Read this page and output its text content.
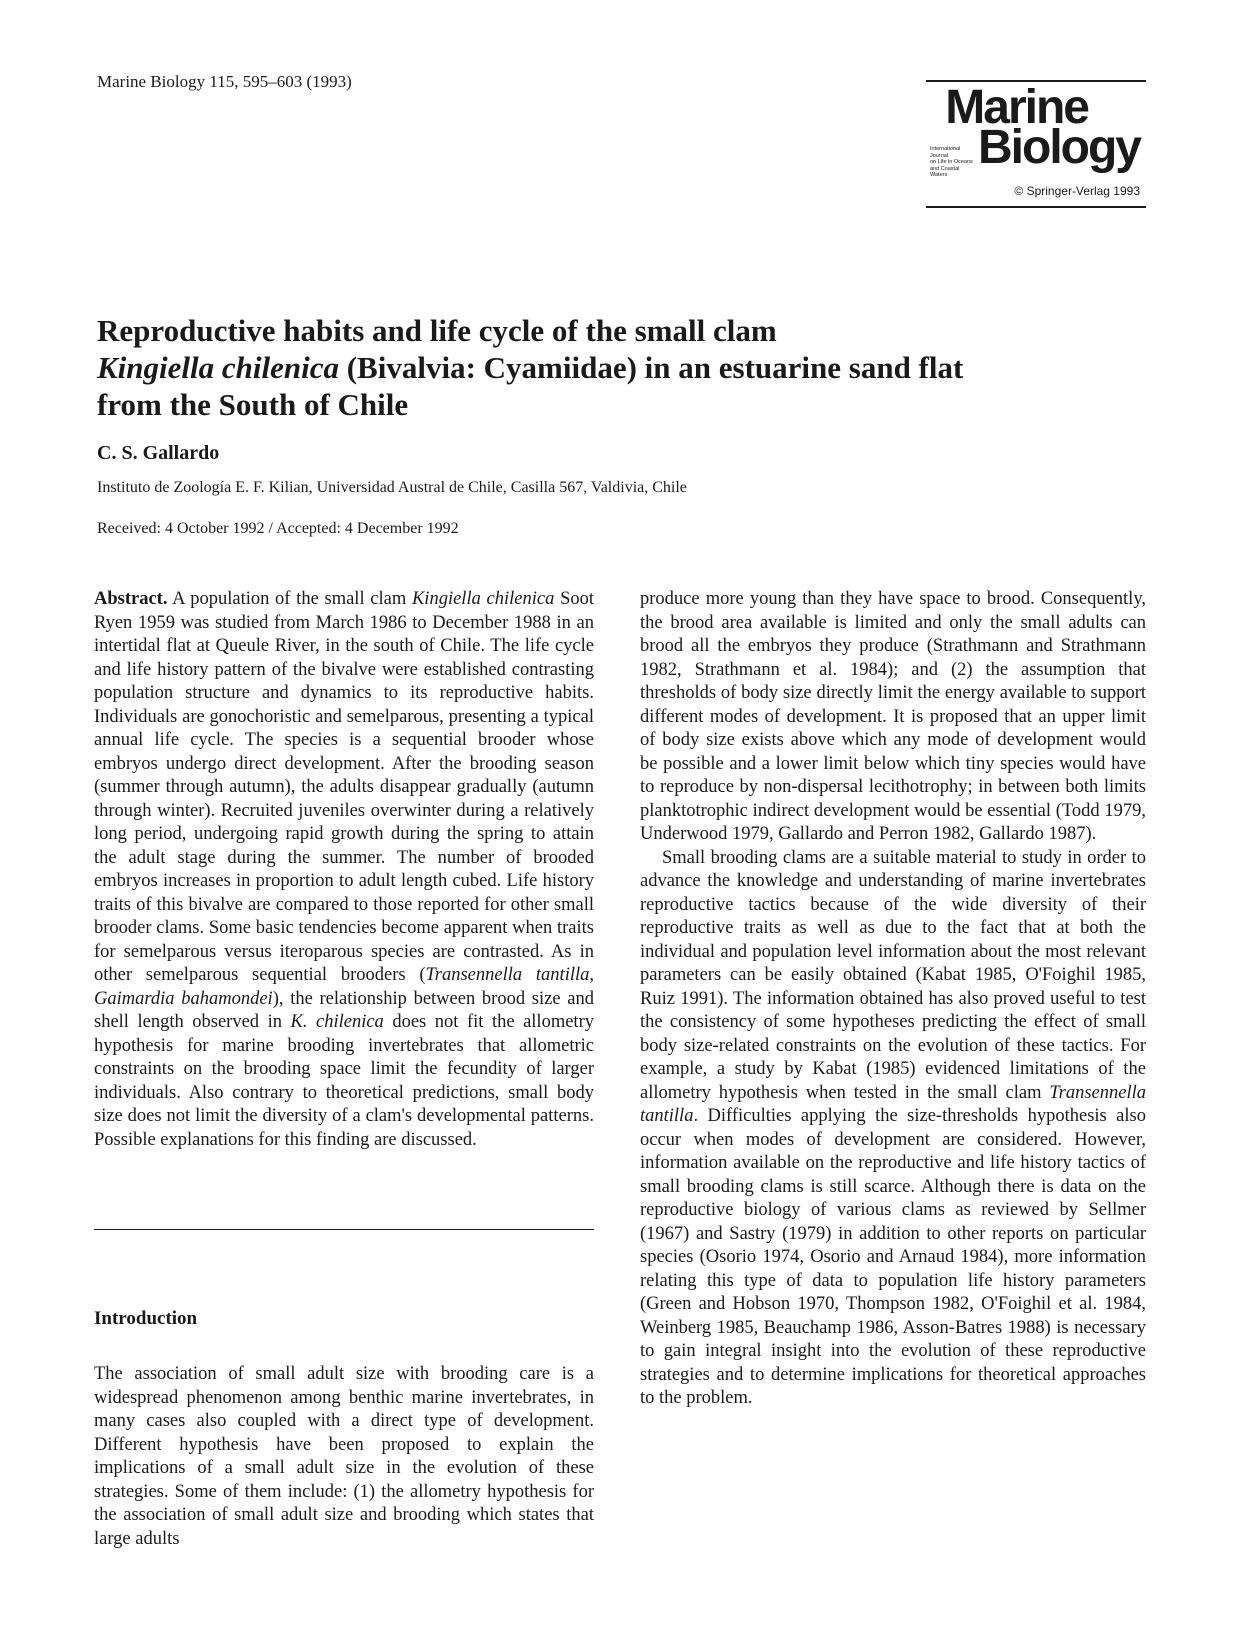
Marine Biology 115, 595–603 (1993)	Marine
International Journal
on Life in Oceans
and Coastal Waters
Biology
© Springer-Verlag 1993
Reproductive habits and life cycle of the small clam
Kingiella chilenica (Bivalvia: Cyamiidae) in an estuarine sand flat
from the South of Chile
C. S. Gallardo
Instituto de Zoología E. F. Kilian, Universidad Austral de Chile, Casilla 567, Valdivia, Chile
Received: 4 October 1992 / Accepted: 4 December 1992

Abstract. A population of the small clam Kingiella chilenica Soot Ryen 1959 was studied from March 1986 to December 1988 in an intertidal flat at Queule River, in the south of Chile. The life cycle and life history pattern of the bivalve were established contrasting population structure and dynamics to its reproductive habits. Individuals are gonochoristic and semelparous, presenting a typical annual life cycle. The species is a sequential brooder whose embryos undergo direct development. After the brooding season (summer through autumn), the adults disappear gradually (autumn through winter). Recruited juveniles overwinter during a relatively long period, undergoing rapid growth during the spring to attain the adult stage during the summer. The number of brooded embryos increases in proportion to adult length cubed. Life history traits of this bivalve are compared to those reported for other small brooder clams. Some basic tendencies become apparent when traits for semelparous versus iteroparous species are contrasted. As in other semelparous sequential brooders (Transennella tantilla, Gaimardia bahamondei), the relationship between brood size and shell length observed in K. chilenica does not fit the allometry hypothesis for marine brooding invertebrates that allometric constraints on the brooding space limit the fecundity of larger individuals. Also contrary to theoretical predictions, small body size does not limit the diversity of a clam's developmental patterns. Possible explanations for this finding are discussed.

Introduction

The association of small adult size with brooding care is a widespread phenomenon among benthic marine invertebrates, in many cases also coupled with a direct type of development. Different hypothesis have been proposed to explain the implications of a small adult size in the evolution of these strategies. Some of them include: (1) the allometry hypothesis for the association of small adult size and brooding which states that large adults

produce more young than they have space to brood. Consequently, the brood area available is limited and only the small adults can brood all the embryos they produce (Strathmann and Strathmann 1982, Strathmann et al. 1984); and (2) the assumption that thresholds of body size directly limit the energy available to support different modes of development. It is proposed that an upper limit of body size exists above which any mode of development would be possible and a lower limit below which tiny species would have to reproduce by non-dispersal lecithotrophy; in between both limits planktotrophic indirect development would be essential (Todd 1979, Underwood 1979, Gallardo and Perron 1982, Gallardo 1987).

Small brooding clams are a suitable material to study in order to advance the knowledge and understanding of marine invertebrates reproductive tactics because of the wide diversity of their reproductive traits as well as due to the fact that at both the individual and population level information about the most relevant parameters can be easily obtained (Kabat 1985, O'Foighil 1985, Ruiz 1991). The information obtained has also proved useful to test the consistency of some hypotheses predicting the effect of small body size-related constraints on the evolution of these tactics. For example, a study by Kabat (1985) evidenced limitations of the allometry hypothesis when tested in the small clam Transennella tantilla. Difficulties applying the size-thresholds hypothesis also occur when modes of development are considered. However, information available on the reproductive and life history tactics of small brooding clams is still scarce. Although there is data on the reproductive biology of various clams as reviewed by Sellmer (1967) and Sastry (1979) in addition to other reports on particular species (Osorio 1974, Osorio and Arnaud 1984), more information relating this type of data to population life history parameters (Green and Hobson 1970, Thompson 1982, O'Foighil et al. 1984, Weinberg 1985, Beauchamp 1986, Asson-Batres 1988) is necessary to gain integral insight into the evolution of these reproductive strategies and to determine implications for theoretical approaches to the problem.
